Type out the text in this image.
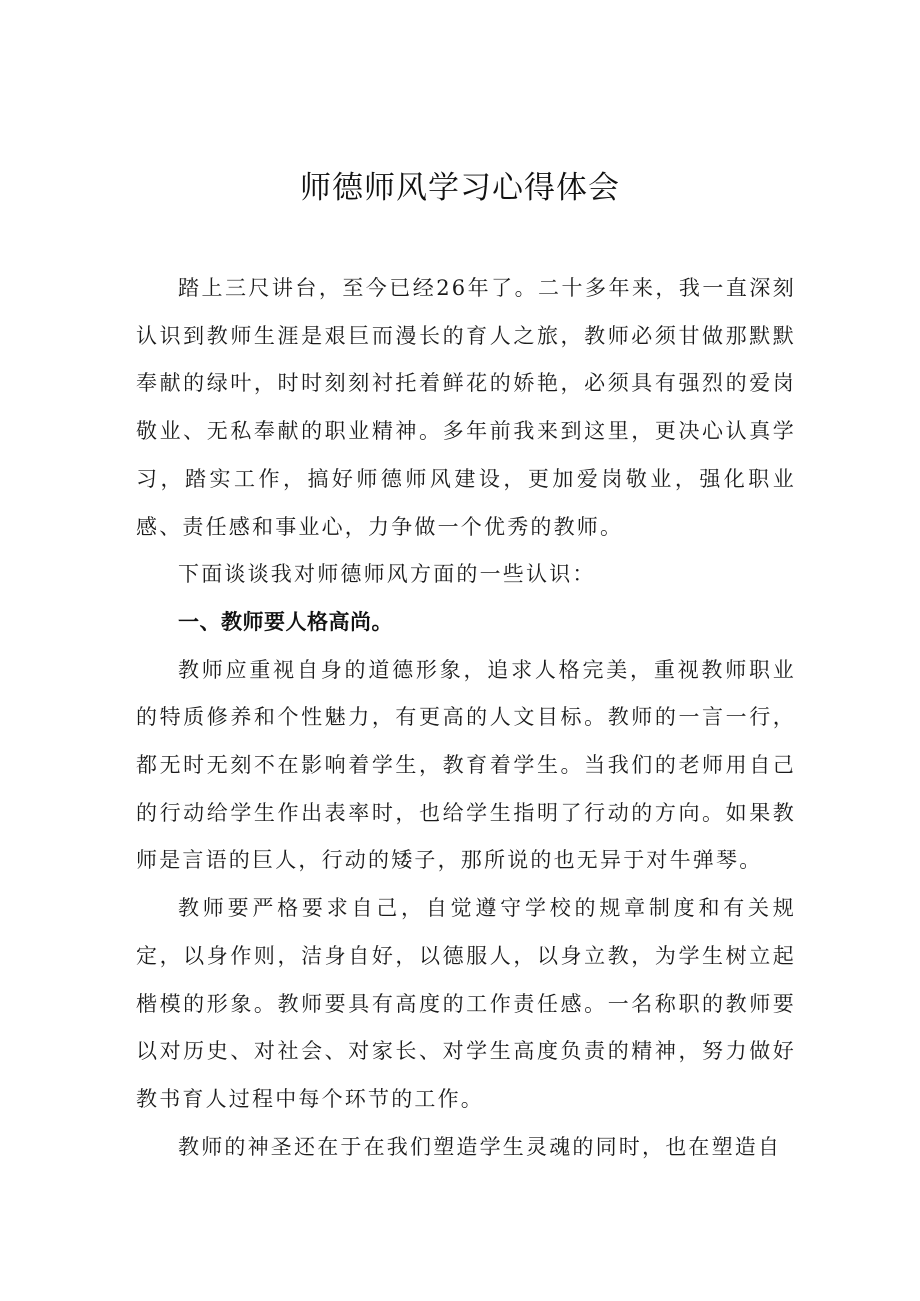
师德师风学习心得体会

踏上三尺讲台，至今已经26年了。二十多年来，我一直深刻认识到教师生涯是艰巨而漫长的育人之旅，教师必须甘做那默默奉献的绿叶，时时刻刻衬托着鲜花的娇艳，必须具有强烈的爱岗敬业、无私奉献的职业精神。多年前我来到这里，更决心认真学习，踏实工作，搞好师德师风建设，更加爱岗敬业，强化职业感、责任感和事业心，力争做一个优秀的教师。

下面谈谈我对师德师风方面的一些认识：

一、教师要人格高尚。

教师应重视自身的道德形象，追求人格完美，重视教师职业的特质修养和个性魅力，有更高的人文目标。教师的一言一行，都无时无刻不在影响着学生，教育着学生。当我们的老师用自己的行动给学生作出表率时，也给学生指明了行动的方向。如果教师是言语的巨人，行动的矮子，那所说的也无异于对牛弹琴。

教师要严格要求自己，自觉遵守学校的规章制度和有关规定，以身作则，洁身自好，以德服人，以身立教，为学生树立起楷模的形象。教师要具有高度的工作责任感。一名称职的教师要以对历史、对社会、对家长、对学生高度负责的精神，努力做好教书育人过程中每个环节的工作。

教师的神圣还在于在我们塑造学生灵魂的同时，也在塑造自
